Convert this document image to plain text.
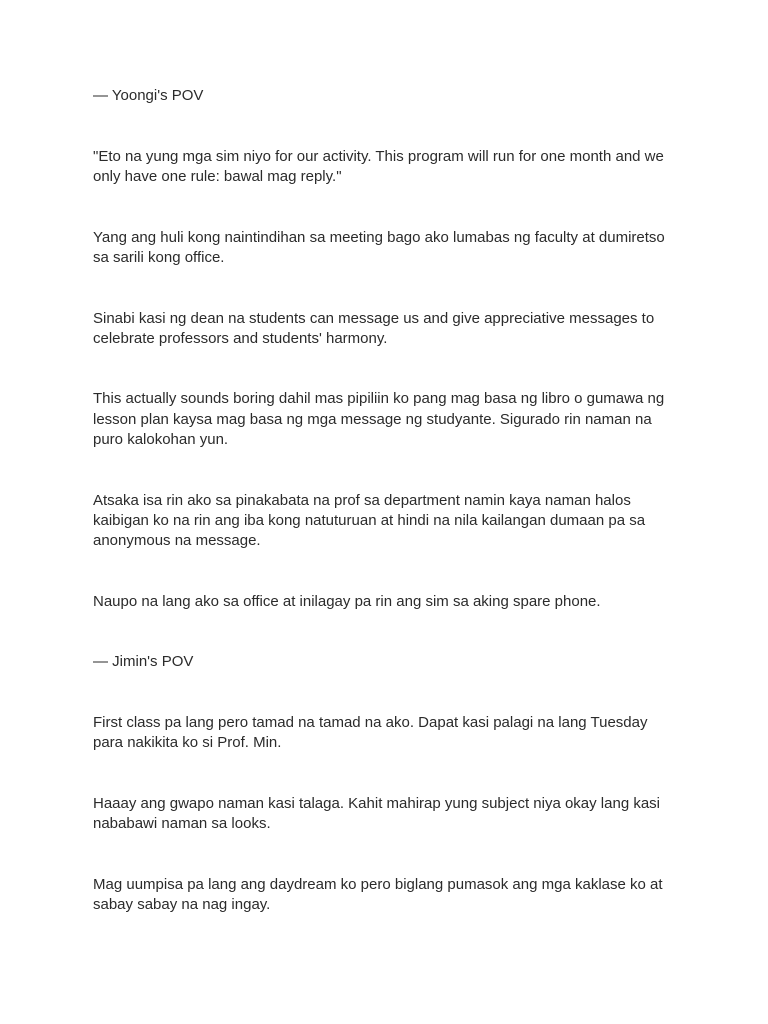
— Yoongi's POV

"Eto na yung mga sim niyo for our activity. This program will run for one month and we only have one rule: bawal mag reply."

Yang ang huli kong naintindihan sa meeting bago ako lumabas ng faculty at dumiretso sa sarili kong office.

Sinabi kasi ng dean na students can message us and give appreciative messages to celebrate professors and students' harmony.

This actually sounds boring dahil mas pipiliin ko pang mag basa ng libro o gumawa ng lesson plan kaysa mag basa ng mga message ng studyante. Sigurado rin naman na puro kalokohan yun.

Atsaka isa rin ako sa pinakabata na prof sa department namin kaya naman halos kaibigan ko na rin ang iba kong natuturuan at hindi na nila kailangan dumaan pa sa anonymous na message.

Naupo na lang ako sa office at inilagay pa rin ang sim sa aking spare phone.

— Jimin's POV

First class pa lang pero tamad na tamad na ako. Dapat kasi palagi na lang Tuesday para nakikita ko si Prof. Min.

Haaay ang gwapo naman kasi talaga. Kahit mahirap yung subject niya okay lang kasi nababawi naman sa looks.

Mag uumpisa pa lang ang daydream ko pero biglang pumasok ang mga kaklase ko at sabay sabay na nag ingay.
